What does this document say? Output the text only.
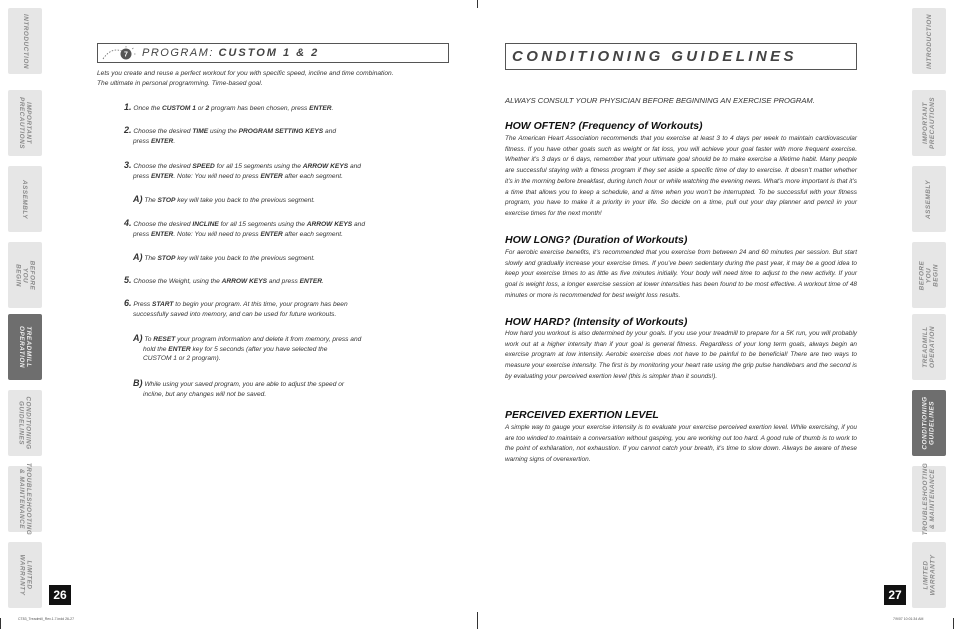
INTRODUCTION
IMPORTANT
PRECAUTIONS
ASSEMBLY
BEFORE
YOU BEGIN
TREADMILL
OPERATION
CONDITIONING
GUIDELINES
TROUBLESHOOTING
& MAINTENANCE
LIMITED
WARRANTY
INTRODUCTION
IMPORTANT
PRECAUTIONS
ASSEMBLY
BEFORE
YOU BEGIN
TREADMILL
OPERATION
CONDITIONING
GUIDELINES
TROUBLESHOOTING
& MAINTENANCE
LIMITED
WARRANTY
26	27
CT83_Treadmill_Rev.1.7.indd 26-27	7/9/07 10:01:34 AM
7 PROGRAM: CUSTOM 1 & 2
Lets you create and reuse a perfect workout for you with specific speed, incline and time combination.
The ultimate in personal programming. Time-based goal.
1. Once the CUSTOM 1 or 2 program has been chosen, press ENTER.
2. Choose the desired TIME using the PROGRAM SETTING KEYS and
press ENTER.
3. Choose the desired SPEED for all 15 segments using the ARROW KEYS and
press ENTER. Note: You will need to press ENTER after each segment.
A) The STOP key will take you back to the previous segment.
4. Choose the desired INCLINE for all 15 segments using the ARROW KEYS and
press ENTER. Note: You will need to press ENTER after each segment.
A) The STOP key will take you back to the previous segment.
5. Choose the Weight, using the ARROW KEYS and press ENTER.
6. Press START to begin your program. At this time, your program has been
successfully saved into memory, and can be used for future workouts.
A) To RESET your program information and delete it from memory, press and
hold the ENTER key for 5 seconds (after you have selected the
CUSTOM 1 or 2 program).
B) While using your saved program, you are able to adjust the speed or
incline, but any changes will not be saved.
CONDITIONING GUIDELINES
ALWAYS CONSULT YOUR PHYSICIAN BEFORE BEGINNING AN EXERCISE PROGRAM.
HOW OFTEN? (Frequency of Workouts)
The American Heart Association recommends that you exercise at least 3 to 4 days per week to maintain cardiovascular fitness. If you have other goals such as weight or fat loss, you will achieve your goal faster with more frequent exercise. Whether it’s 3 days or 6 days, remember that your ultimate goal should be to make exercise a lifetime habit. Many people are successful staying with a fitness program if they set aside a specific time of day to exercise. It doesn’t matter whether it’s in the morning before breakfast, during lunch hour or while watching the evening news. What’s more important is that it’s a time that allows you to keep a schedule, and a time when you won’t be interrupted. To be successful with your fitness program, you have to make it a priority in your life. So decide on a time, pull out your day planner and pencil in your exercise times for the next month!
HOW LONG? (Duration of Workouts)
For aerobic exercise benefits, it’s recommended that you exercise from between 24 and 60 minutes per session. But start slowly and gradually increase your exercise times. If you’ve been sedentary during the past year, it may be a good idea to keep your exercise times to as little as five minutes initially. Your body will need time to adjust to the new activity. If your goal is weight loss, a longer exercise session at lower intensities has been found to be most effective. A workout time of 48 minutes or more is recommended for best weight loss results.
HOW HARD? (Intensity of Workouts)
How hard you workout is also determined by your goals. If you use your treadmill to prepare for a 5K run, you will probably work out at a higher intensity than if your goal is general fitness. Regardless of your long term goals, always begin an exercise program at low intensity. Aerobic exercise does not have to be painful to be beneficial! There are two ways to measure your exercise intensity. The first is by monitoring your heart rate using the grip pulse handlebars and the second is by evaluating your perceived exertion level (this is simpler than it sounds!).
PERCEIVED EXERTION LEVEL
A simple way to gauge your exercise intensity is to evaluate your exercise perceived exertion level. While exercising, if you are too winded to maintain a conversation without gasping, you are working out too hard. A good rule of thumb is to work to the point of exhilaration, not exhaustion. If you cannot catch your breath, it’s time to slow down. Always be aware of these warning signs of overexertion.
